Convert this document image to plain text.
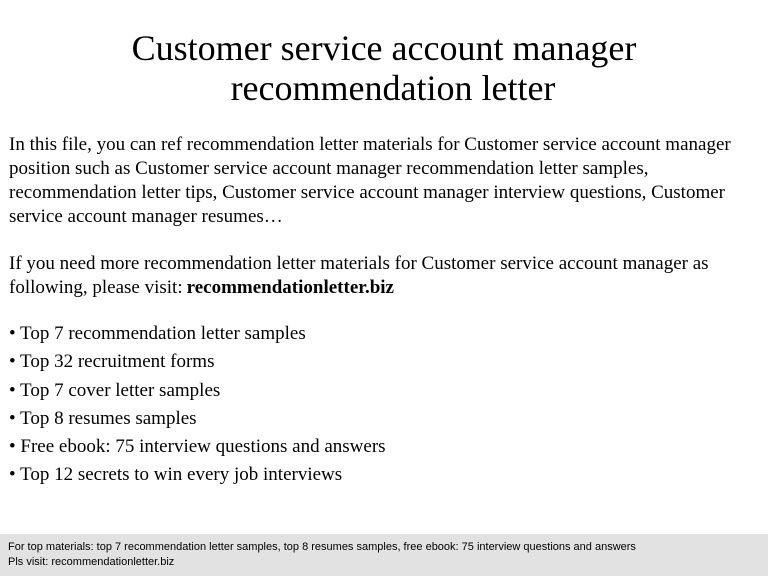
Customer service account manager
recommendation letter

In this file, you can ref recommendation letter materials for Customer service account manager position such as Customer service account manager recommendation letter samples, recommendation letter tips, Customer service account manager interview questions, Customer service account manager resumes…

If you need more recommendation letter materials for Customer service account manager as following, please visit: recommendationletter.biz

• Top 7 recommendation letter samples
• Top 32 recruitment forms
• Top 7 cover letter samples
• Top 8 resumes samples
• Free ebook: 75 interview questions and answers
• Top 12 secrets to win every job interviews
For top materials: top 7 recommendation letter samples, top 8 resumes samples, free ebook: 75 interview questions and answers
Pls visit: recommendationletter.biz
